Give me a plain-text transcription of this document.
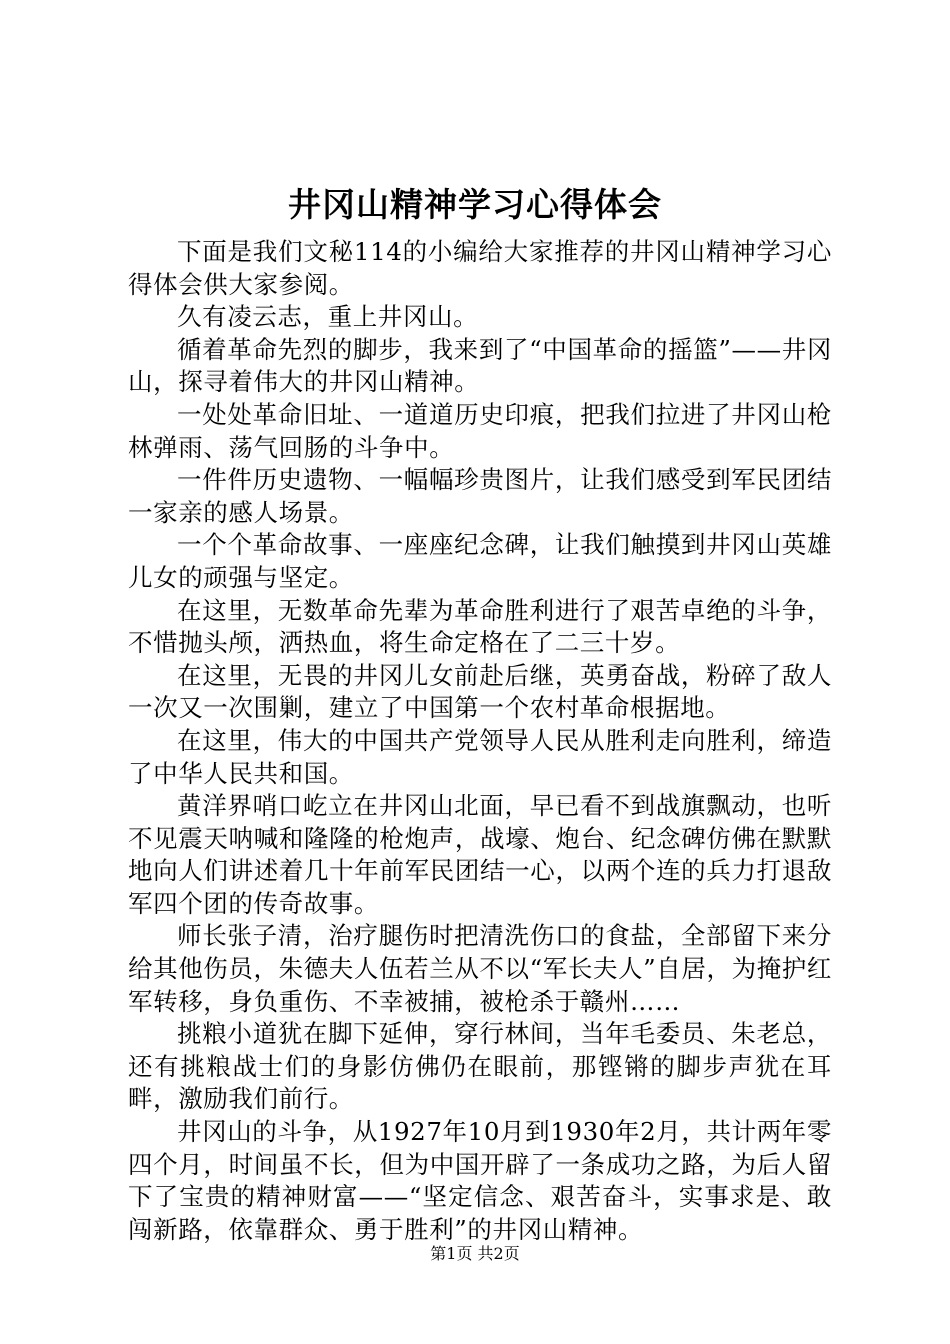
井冈山精神学习心得体会

下面是我们文秘114的小编给大家推荐的井冈山精神学习心得体会供大家参阅。

久有凌云志，重上井冈山。

循着革命先烈的脚步，我来到了“中国革命的摇篮”——井冈山，探寻着伟大的井冈山精神。

一处处革命旧址、一道道历史印痕，把我们拉进了井冈山枪林弹雨、荡气回肠的斗争中。

一件件历史遗物、一幅幅珍贵图片，让我们感受到军民团结一家亲的感人场景。

一个个革命故事、一座座纪念碑，让我们触摸到井冈山英雄儿女的顽强与坚定。

在这里，无数革命先辈为革命胜利进行了艰苦卓绝的斗争，不惜抛头颅，洒热血，将生命定格在了二三十岁。

在这里，无畏的井冈儿女前赴后继，英勇奋战，粉碎了敌人一次又一次围剿，建立了中国第一个农村革命根据地。

在这里，伟大的中国共产党领导人民从胜利走向胜利，缔造了中华人民共和国。

黄洋界哨口屹立在井冈山北面，早已看不到战旗飘动，也听不见震天呐喊和隆隆的枪炮声，战壕、炮台、纪念碑仿佛在默默地向人们讲述着几十年前军民团结一心，以两个连的兵力打退敌军四个团的传奇故事。

师长张子清，治疗腿伤时把清洗伤口的食盐，全部留下来分给其他伤员，朱德夫人伍若兰从不以“军长夫人”自居，为掩护红军转移，身负重伤、不幸被捕，被枪杀于赣州……

挑粮小道犹在脚下延伸，穿行林间，当年毛委员、朱老总，还有挑粮战士们的身影仿佛仍在眼前，那铿锵的脚步声犹在耳畔，激励我们前行。

井冈山的斗争，从1927年10月到1930年2月，共计两年零四个月，时间虽不长，但为中国开辟了一条成功之路，为后人留下了宝贵的精神财富——“坚定信念、艰苦奋斗，实事求是、敢闯新路，依靠群众、勇于胜利”的井冈山精神。

第1页 共2页
